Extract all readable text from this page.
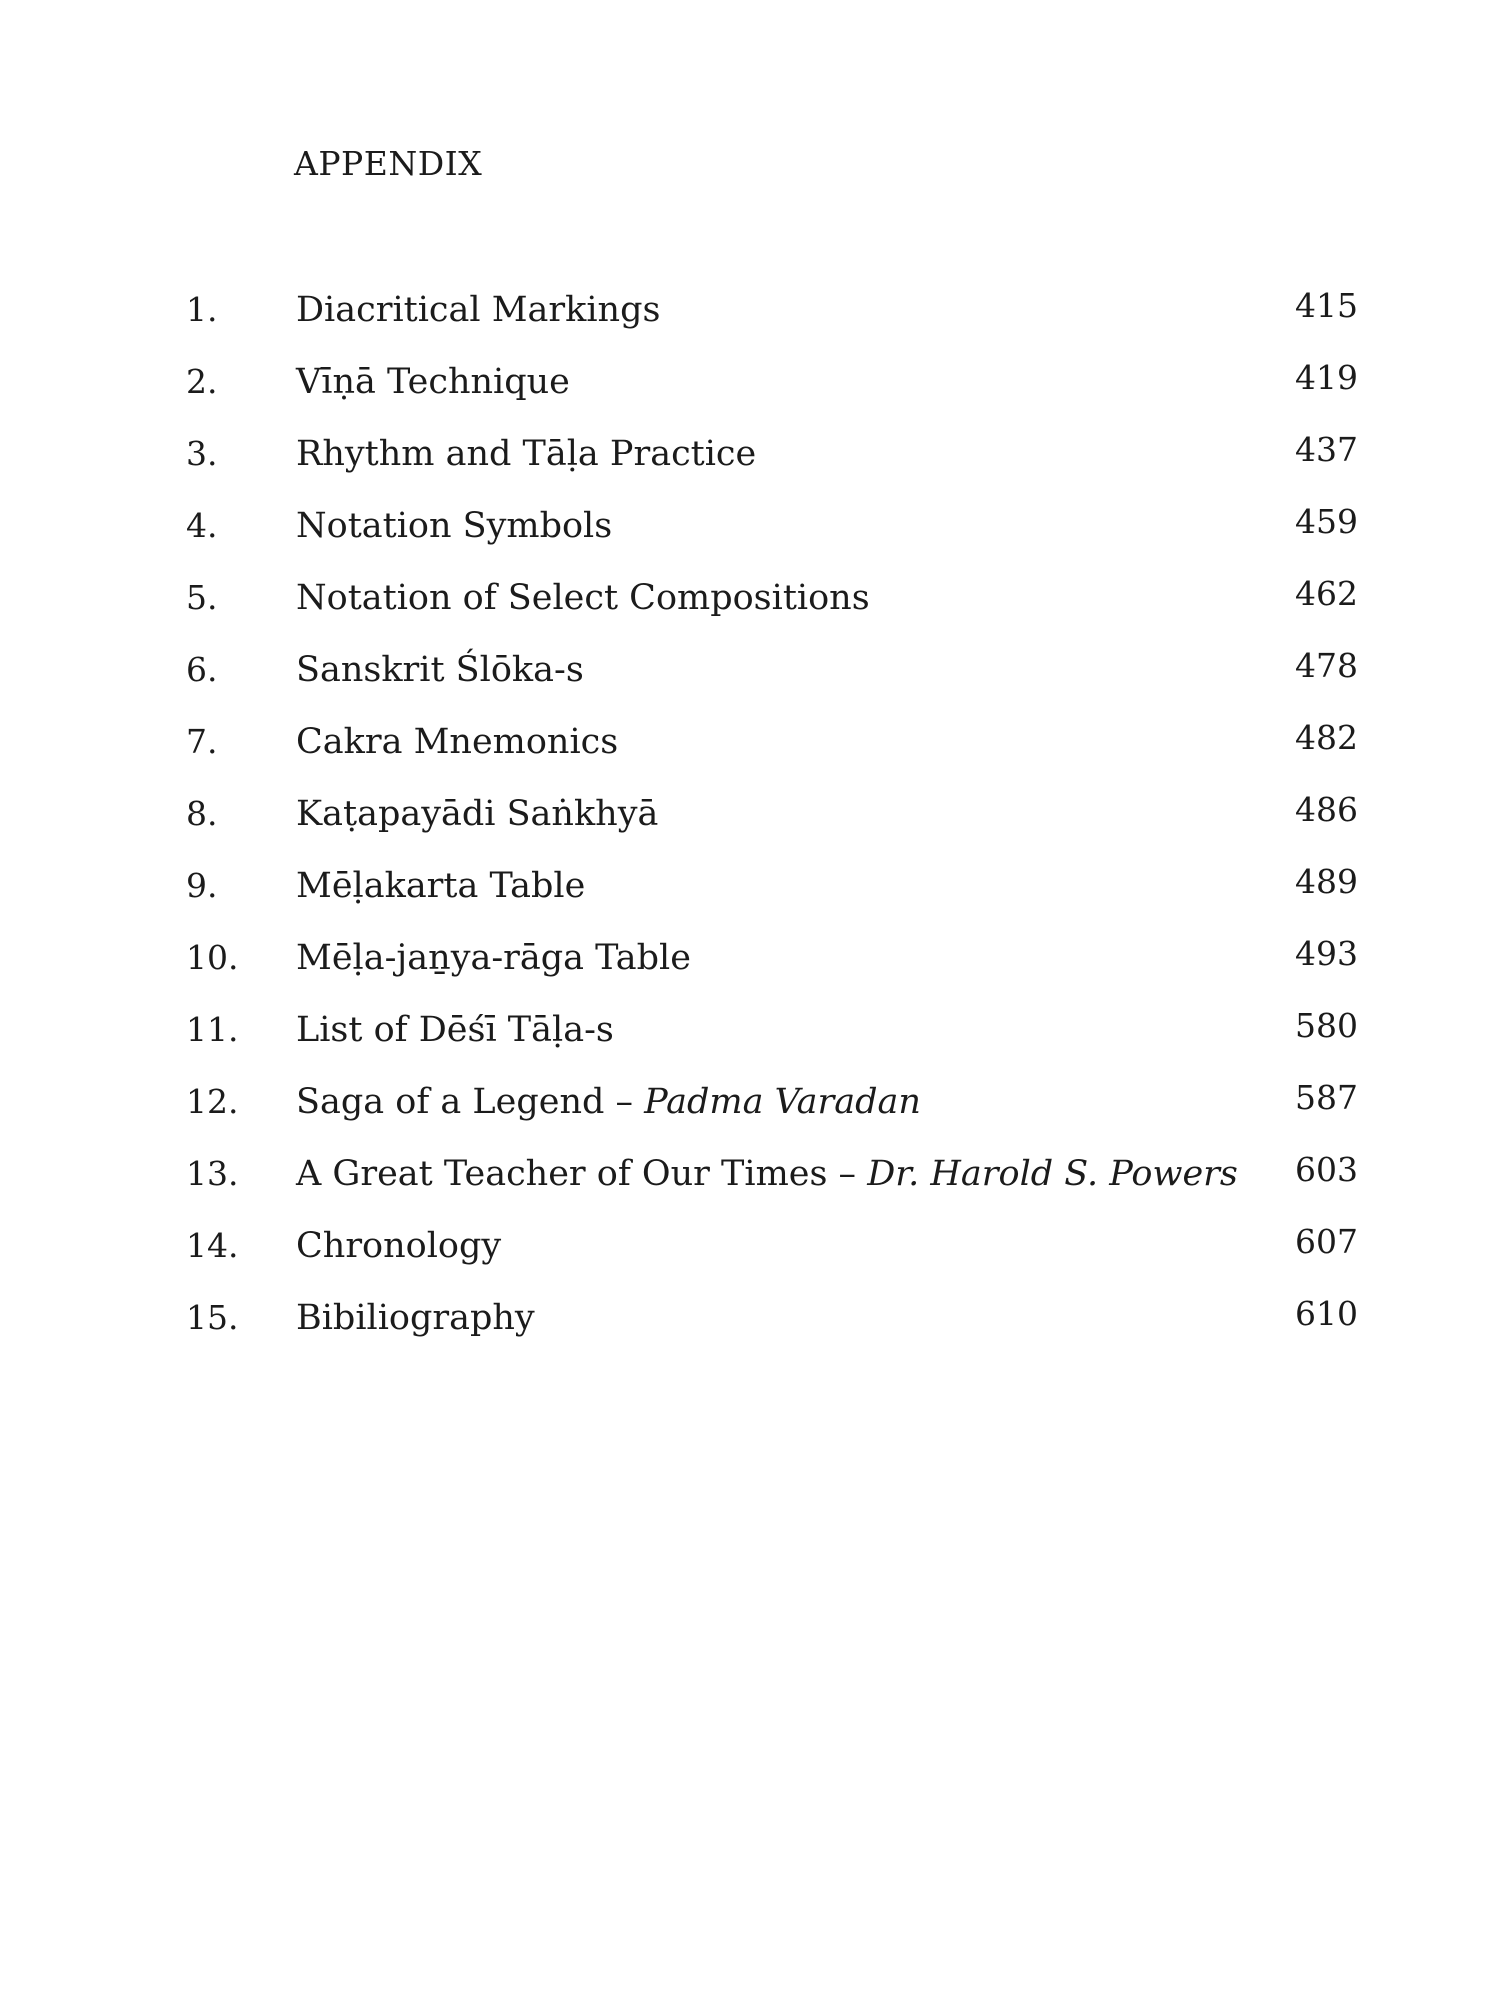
APPENDIX
1.	Diacritical Markings	415
2.	Vīṇā Technique	419
3.	Rhythm and Tāḷa Practice	437
4.	Notation Symbols	459
5.	Notation of Select Compositions	462
6.	Sanskrit Ślōka-s	478
7.	Cakra Mnemonics	482
8.	Kaṭapayādi Saṅkhyā	486
9.	Mēḷakarta Table	489
10.	Mēḷa-jaṉya-rāga Table	493
11.	List of Dēśī Tāḷa-s	580
12.	Saga of a Legend – Padma Varadan	587
13.	A Great Teacher of Our Times – Dr. Harold S. Powers	603
14.	Chronology	607
15.	Bibiliography	610
